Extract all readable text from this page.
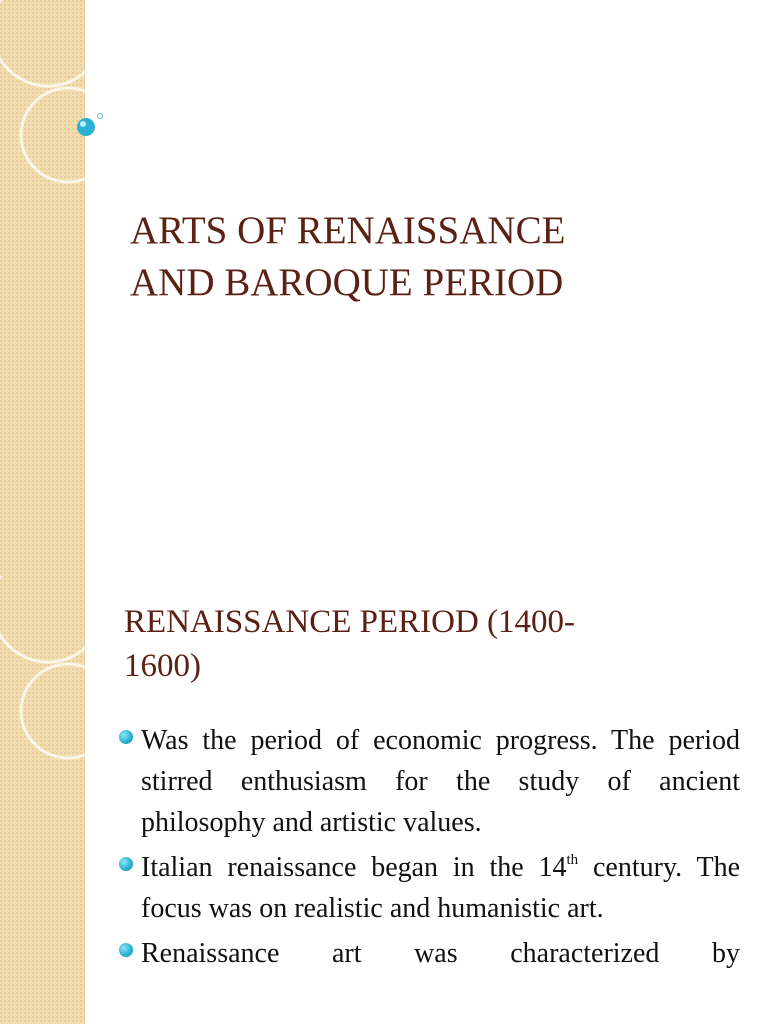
ARTS OF RENAISSANCE
AND BAROQUE PERIOD
RENAISSANCE PERIOD (1400-
1600)
Was the period of economic progress. The period stirred enthusiasm for the study of ancient philosophy and artistic values.
Italian renaissance began in the 14th century. The focus was on realistic and humanistic art.
Renaissance art was characterized by
